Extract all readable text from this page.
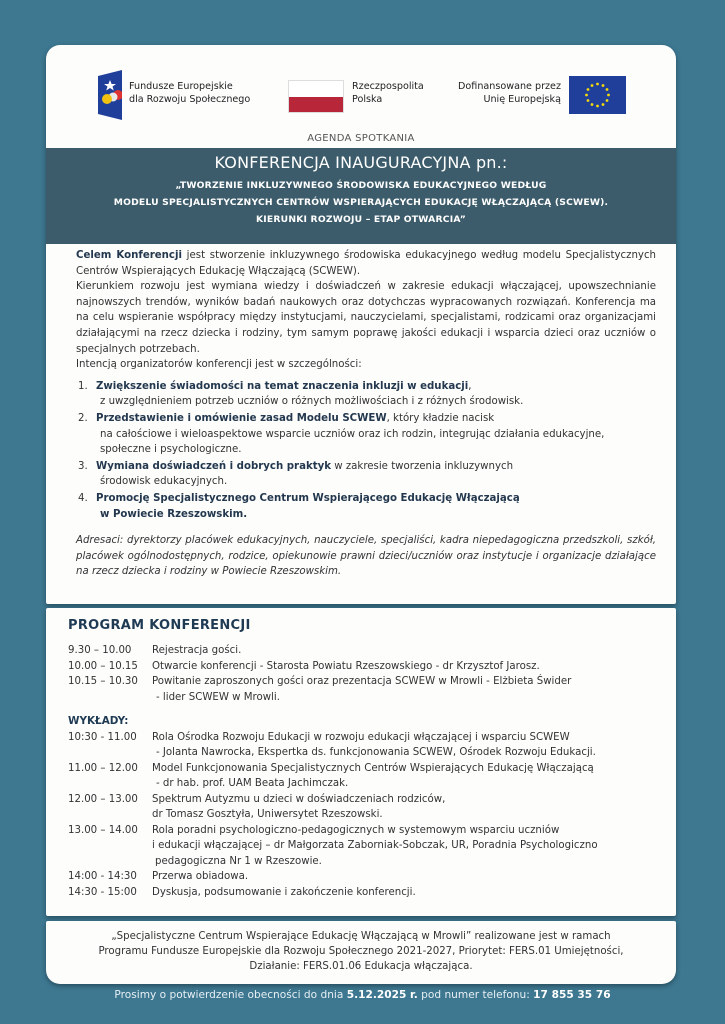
Fundusze Europejskie
dla Rozwoju Społecznego
Rzeczpospolita
Polska
Dofinansowane przez
Unię Europejską
AGENDA SPOTKANIA
KONFERENCJA INAUGURACYJNA pn.:
„TWORZENIE INKLUZYWNEGO ŚRODOWISKA EDUKACYJNEGO WEDŁUG
MODELU SPECJALISTYCZNYCH CENTRÓW WSPIERAJĄCYCH EDUKACJĘ WŁĄCZAJĄCĄ (SCWEW).
KIERUNKI ROZWOJU – ETAP OTWARCIA”

Celem Konferencji jest stworzenie inkluzywnego środowiska edukacyjnego według modelu Specjalistycznych Centrów Wspierających Edukację Włączającą (SCWEW).

Kierunkiem rozwoju jest wymiana wiedzy i doświadczeń w zakresie edukacji włączającej, upowszechnianie najnowszych trendów, wyników badań naukowych oraz dotychczas wypracowanych rozwiązań. Konferencja ma na celu wspieranie współpracy między instytucjami, nauczycielami, specjalistami, rodzicami oraz organizacjami działającymi na rzecz dziecka i rodziny, tym samym poprawę jakości edukacji i wsparcia dzieci oraz uczniów o specjalnych potrzebach.

Intencją organizatorów konferencji jest w szczególności:

1. Zwiększenie świadomości na temat znaczenia inkluzji w edukacji,
z uwzględnieniem potrzeb uczniów o różnych możliwościach i z różnych środowisk.
2. Przedstawienie i omówienie zasad Modelu SCWEW, który kładzie nacisk
na całościowe i wieloaspektowe wsparcie uczniów oraz ich rodzin, integrując działania edukacyjne, społeczne i psychologiczne.
3. Wymiana doświadczeń i dobrych praktyk w zakresie tworzenia inkluzywnych
środowisk edukacyjnych.
4. Promocję Specjalistycznego Centrum Wspierającego Edukację Włączającą
w Powiecie Rzeszowskim.

Adresaci: dyrektorzy placówek edukacyjnych, nauczyciele, specjaliści, kadra niepedagogiczna przedszkoli, szkół, placówek ogólnodostępnych, rodzice, opiekunowie prawni dzieci/uczniów oraz instytucje i organizacje działające na rzecz dziecka i rodziny w Powiecie Rzeszowskim.

PROGRAM KONFERENCJI
9.30 – 10.00	Rejestracja gości.
10.00 – 10.15	Otwarcie konferencji - Starosta Powiatu Rzeszowskiego - dr Krzysztof Jarosz.
10.15 – 10.30	Powitanie zaproszonych gości oraz prezentacja SCWEW w Mrowli - Elżbieta Świder
- lider SCWEW w Mrowli.
WYKŁADY:
10:30 - 11.00	Rola Ośrodka Rozwoju Edukacji w rozwoju edukacji włączającej i wsparciu SCWEW
- Jolanta Nawrocka, Ekspertka ds. funkcjonowania SCWEW, Ośrodek Rozwoju Edukacji.
11.00 – 12.00	Model Funkcjonowania Specjalistycznych Centrów Wspierających Edukację Włączającą
- dr hab. prof. UAM Beata Jachimczak.
12.00 – 13.00	Spektrum Autyzmu u dzieci w doświadczeniach rodziców,
dr Tomasz Gosztyła, Uniwersytet Rzeszowski.
13.00 – 14.00	Rola poradni psychologiczno-pedagogicznych w systemowym wsparciu uczniów
i edukacji włączającej – dr Małgorzata Zaborniak-Sobczak, UR, Poradnia Psychologiczno
pedagogiczna Nr 1 w Rzeszowie.
14:00 - 14:30	Przerwa obiadowa.
14:30 - 15:00	Dyskusja, podsumowanie i zakończenie konferencji.
„Specjalistyczne Centrum Wspierające Edukację Włączającą w Mrowli” realizowane jest w ramach
Programu Fundusze Europejskie dla Rozwoju Społecznego 2021-2027, Priorytet: FERS.01 Umiejętności,
Działanie: FERS.01.06 Edukacja włączająca.
Prosimy o potwierdzenie obecności do dnia 5.12.2025 r. pod numer telefonu: 17 855 35 76
